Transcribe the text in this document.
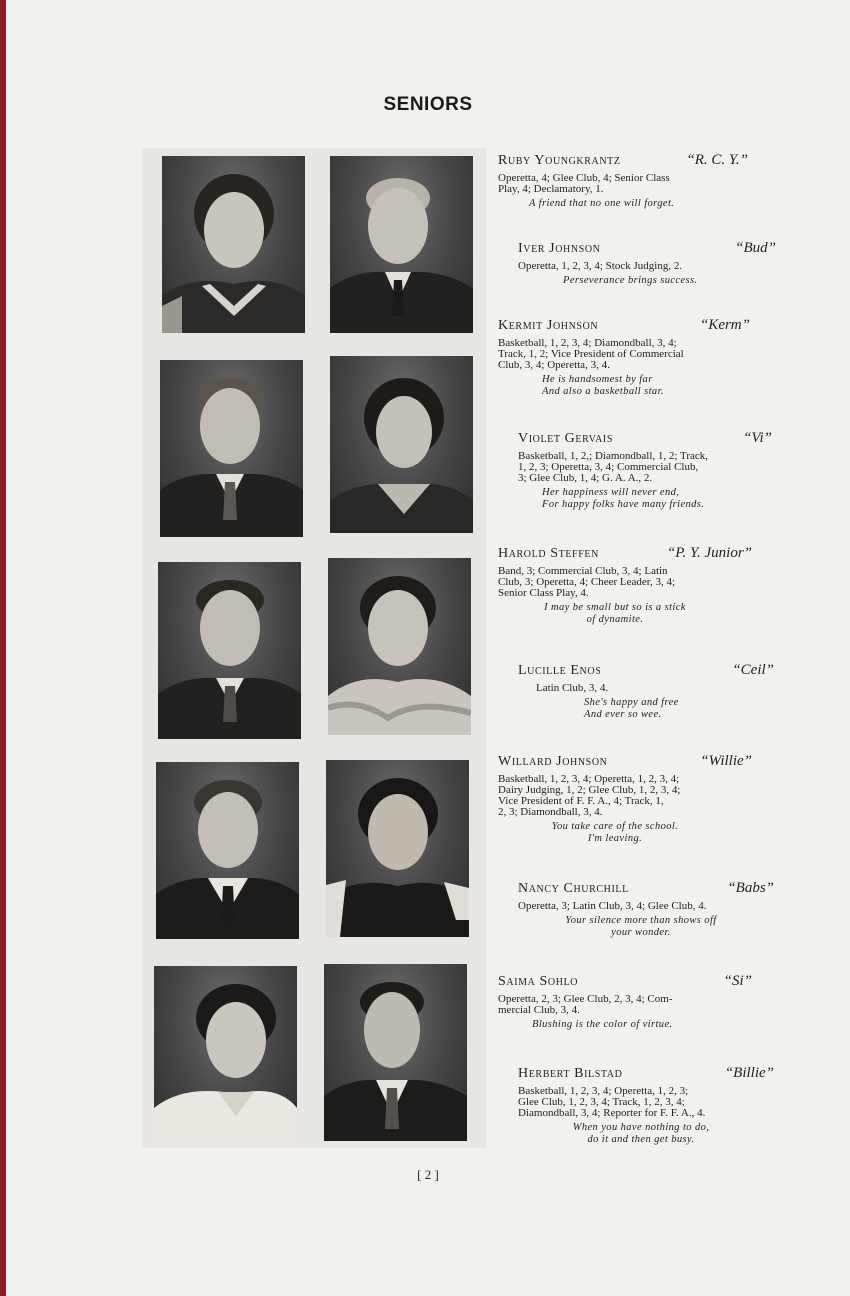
SENIORS
Ruby Youngkrantz	“R. C. Y.”
Operetta, 4; Glee Club, 4; Senior Class
Play, 4; Declamatory, 1.
A friend that no one will forget.
Iver Johnson	“Bud”
Operetta, 1, 2, 3, 4; Stock Judging, 2.
Perseverance brings success.
Kermit Johnson	“Kerm”
Basketball, 1, 2, 3, 4; Diamondball, 3, 4;
Track, 1, 2; Vice President of Commercial
Club, 3, 4; Operetta, 3, 4.
He is handsomest by far
And also a basketball star.
Violet Gervais	“Vi”
Basketball, 1, 2,; Diamondball, 1, 2; Track,
1, 2, 3; Operetta, 3, 4; Commercial Club,
3; Glee Club, 1, 4; G. A. A., 2.
Her happiness will never end,
For happy folks have many friends.
Harold Steffen	“P. Y. Junior”
Band, 3; Commercial Club, 3, 4; Latin
Club, 3; Operetta, 4; Cheer Leader, 3, 4;
Senior Class Play, 4.
I may be small but so is a stick
of dynamite.
Lucille Enos	“Ceil”
Latin Club, 3, 4.
She's happy and free
And ever so wee.
Willard Johnson	“Willie”
Basketball, 1, 2, 3, 4; Operetta, 1, 2, 3, 4;
Dairy Judging, 1, 2; Glee Club, 1, 2, 3, 4;
Vice President of F. F. A., 4; Track, 1,
2, 3; Diamondball, 3, 4.
You take care of the school.
I'm leaving.
Nancy Churchill	“Babs”
Operetta, 3; Latin Club, 3, 4; Glee Club, 4.
Your silence more than shows off
your wonder.
Saima Sohlo	“Si”
Operetta, 2, 3; Glee Club, 2, 3, 4; Com-
mercial Club, 3, 4.
Blushing is the color of virtue.
Herbert Bilstad	“Billie”
Basketball, 1, 2, 3, 4; Operetta, 1, 2, 3;
Glee Club, 1, 2, 3, 4; Track, 1, 2, 3, 4;
Diamondball, 3, 4; Reporter for F. F. A., 4.
When you have nothing to do,
do it and then get busy.
[ 2 ]
